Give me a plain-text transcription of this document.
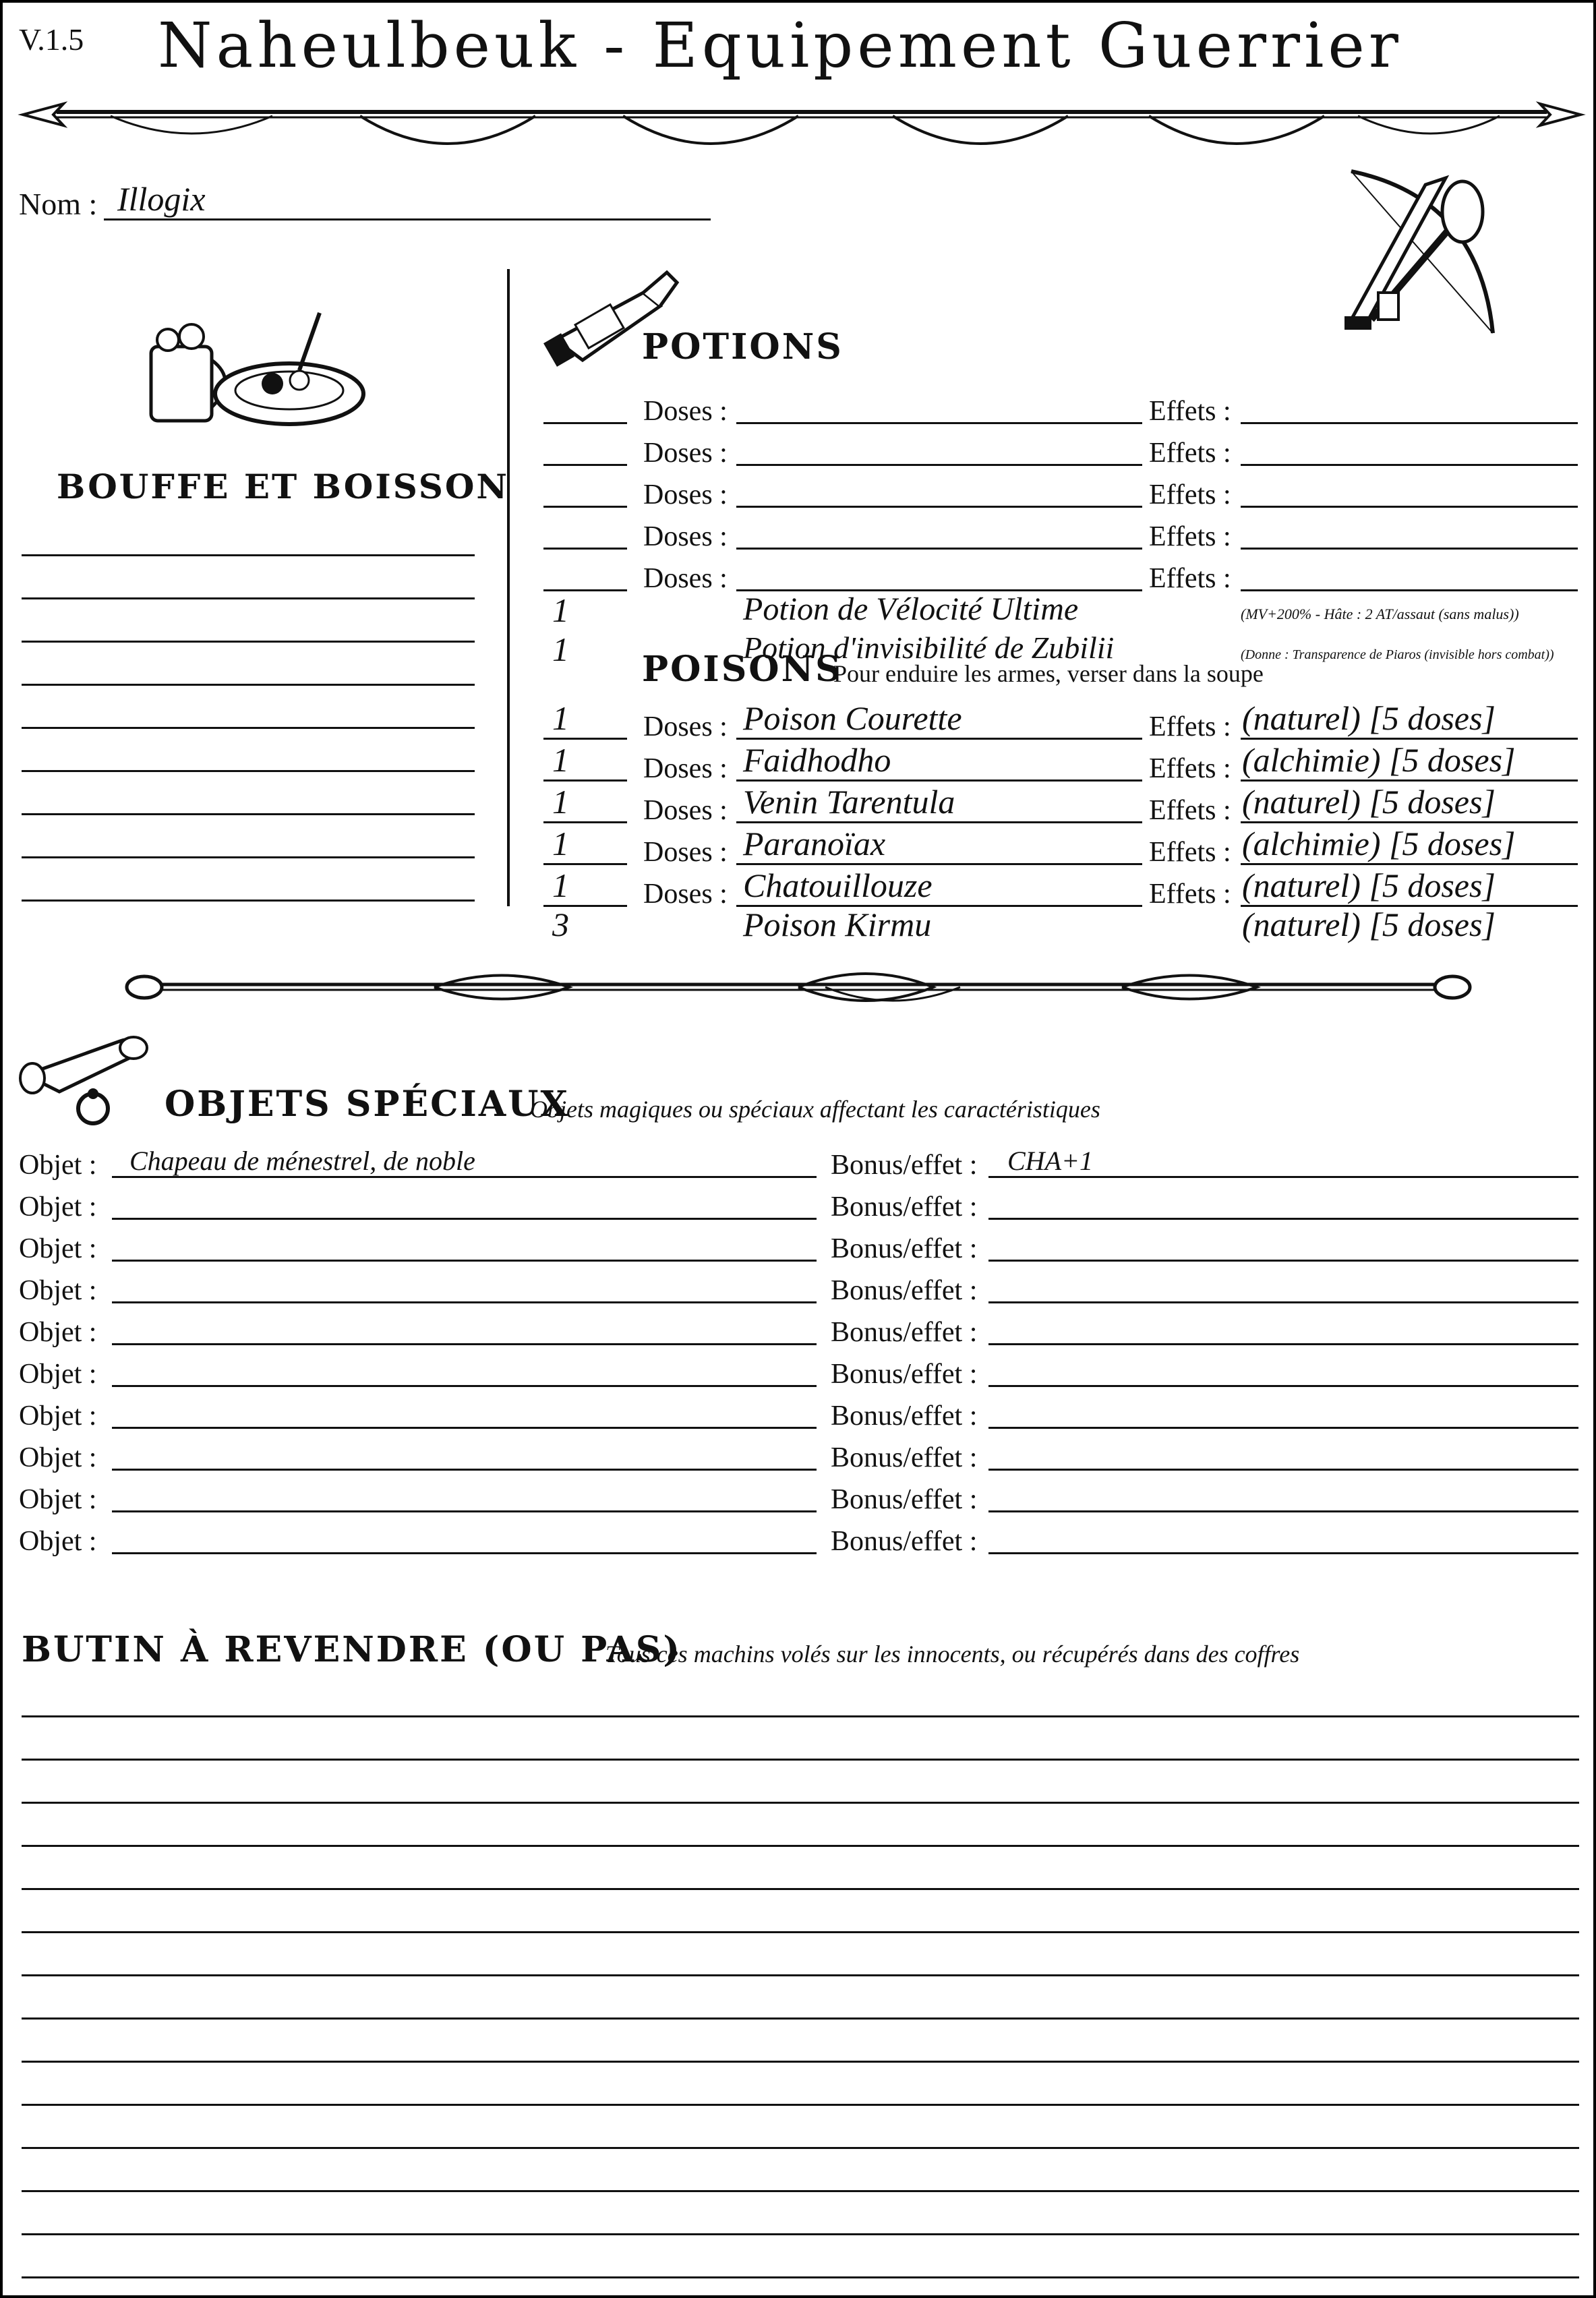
V.1.5 Naheulbeuk - Equipement Guerrier
Nom : Illogix
BOUFFE ET BOISSON
POTIONS
Doses :	Effets :
Doses :	Effets :
Doses :	Effets :
Doses :	Effets :
Doses :	Effets :
1	Potion de Vélocité Ultime	(MV+200% - Hâte : 2 AT/assaut (sans malus))
1	Potion d'invisibilité de Zubilii	(Donne : Transparence de Piaros (invisible hors combat))
POISONS
Pour enduire les armes, verser dans la soupe
1	Doses : Poison Courette	Effets : (naturel) [5 doses]
1	Doses : Faidhodho	Effets : (alchimie) [5 doses]
1	Doses : Venin Tarentula	Effets : (naturel) [5 doses]
1	Doses : Paranoïax	Effets : (alchimie) [5 doses]
1	Doses : Chatouillouze	Effets : (naturel) [5 doses]
3	Poison Kirmu	(naturel) [5 doses]
OBJETS SPÉCIAUX
Objets magiques ou spéciaux affectant les caractéristiques
Objet : Chapeau de ménestrel, de noble	Bonus/effet : CHA+1
Objet :	Bonus/effet :
Objet :	Bonus/effet :
Objet :	Bonus/effet :
Objet :	Bonus/effet :
Objet :	Bonus/effet :
Objet :	Bonus/effet :
Objet :	Bonus/effet :
Objet :	Bonus/effet :
Objet :	Bonus/effet :
BUTIN À REVENDRE (OU PAS)
Tous ces machins volés sur les innocents, ou récupérés dans des coffres
